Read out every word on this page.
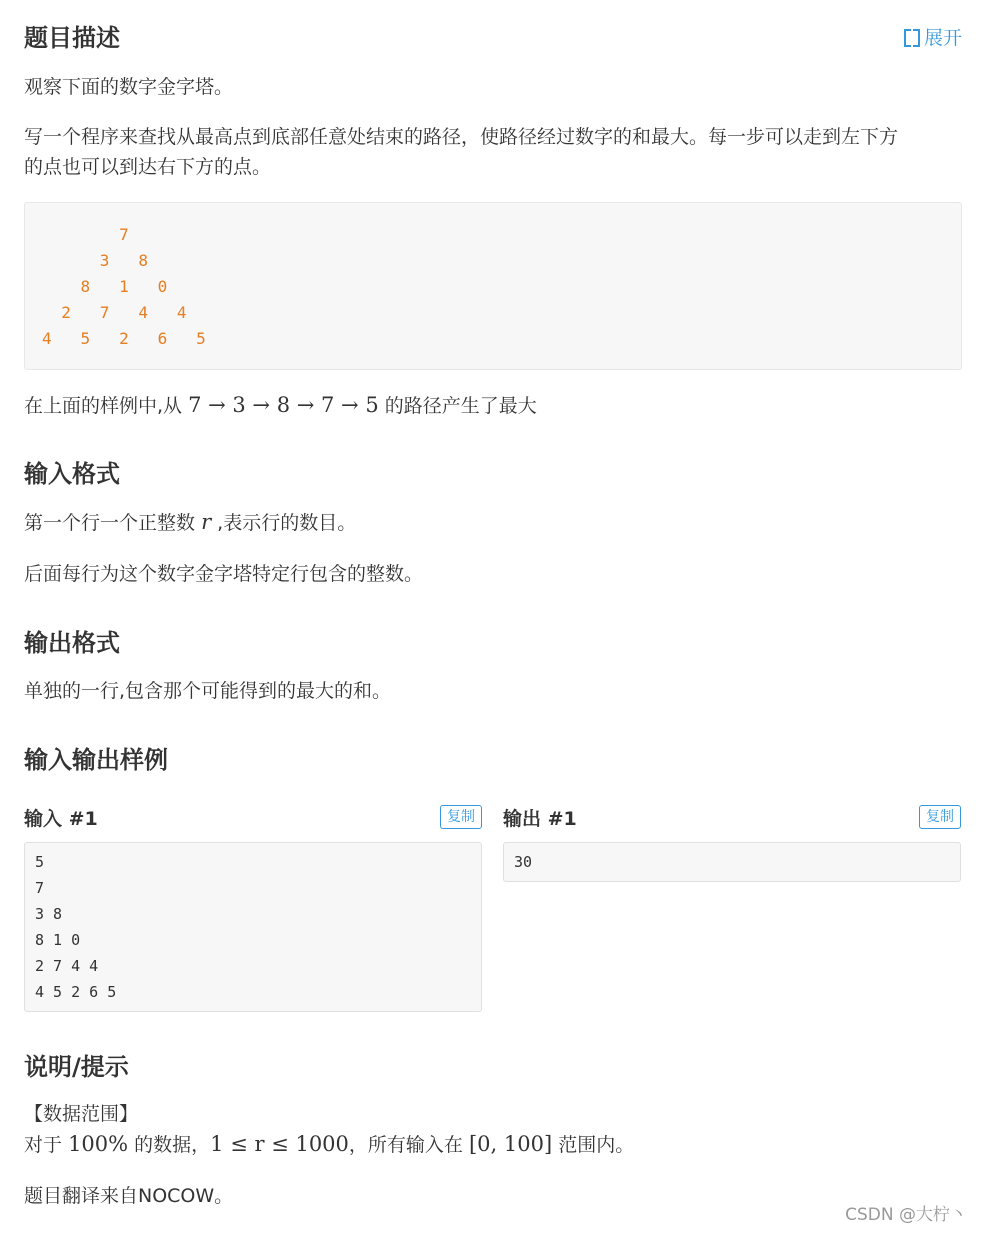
题目描述	展开

观察下面的数字金字塔。

写一个程序来查找从最高点到底部任意处结束的路径，使路径经过数字的和最大。每一步可以走到左下方

的点也可以到达右下方的点。

7
3   8
8   1   0
2   7   4   4
4   5   2   6   5

在上面的样例中,从 7 → 3 → 8 → 7 → 5 的路径产生了最大

输入格式

第一个行一个正整数 r ,表示行的数目。

后面每行为这个数字金字塔特定行包含的整数。

输出格式

单独的一行,包含那个可能得到的最大的和。

输入输出样例
输入 #1	复制
5
7
3 8
8 1 0
2 7 4 4
4 5 2 6 5
输出 #1	复制
30
说明/提示

【数据范围】

对于 100% 的数据，1 ≤ r ≤ 1000，所有输入在 [0, 100] 范围内。

题目翻译来自NOCOW。

CSDN @大柠丶
